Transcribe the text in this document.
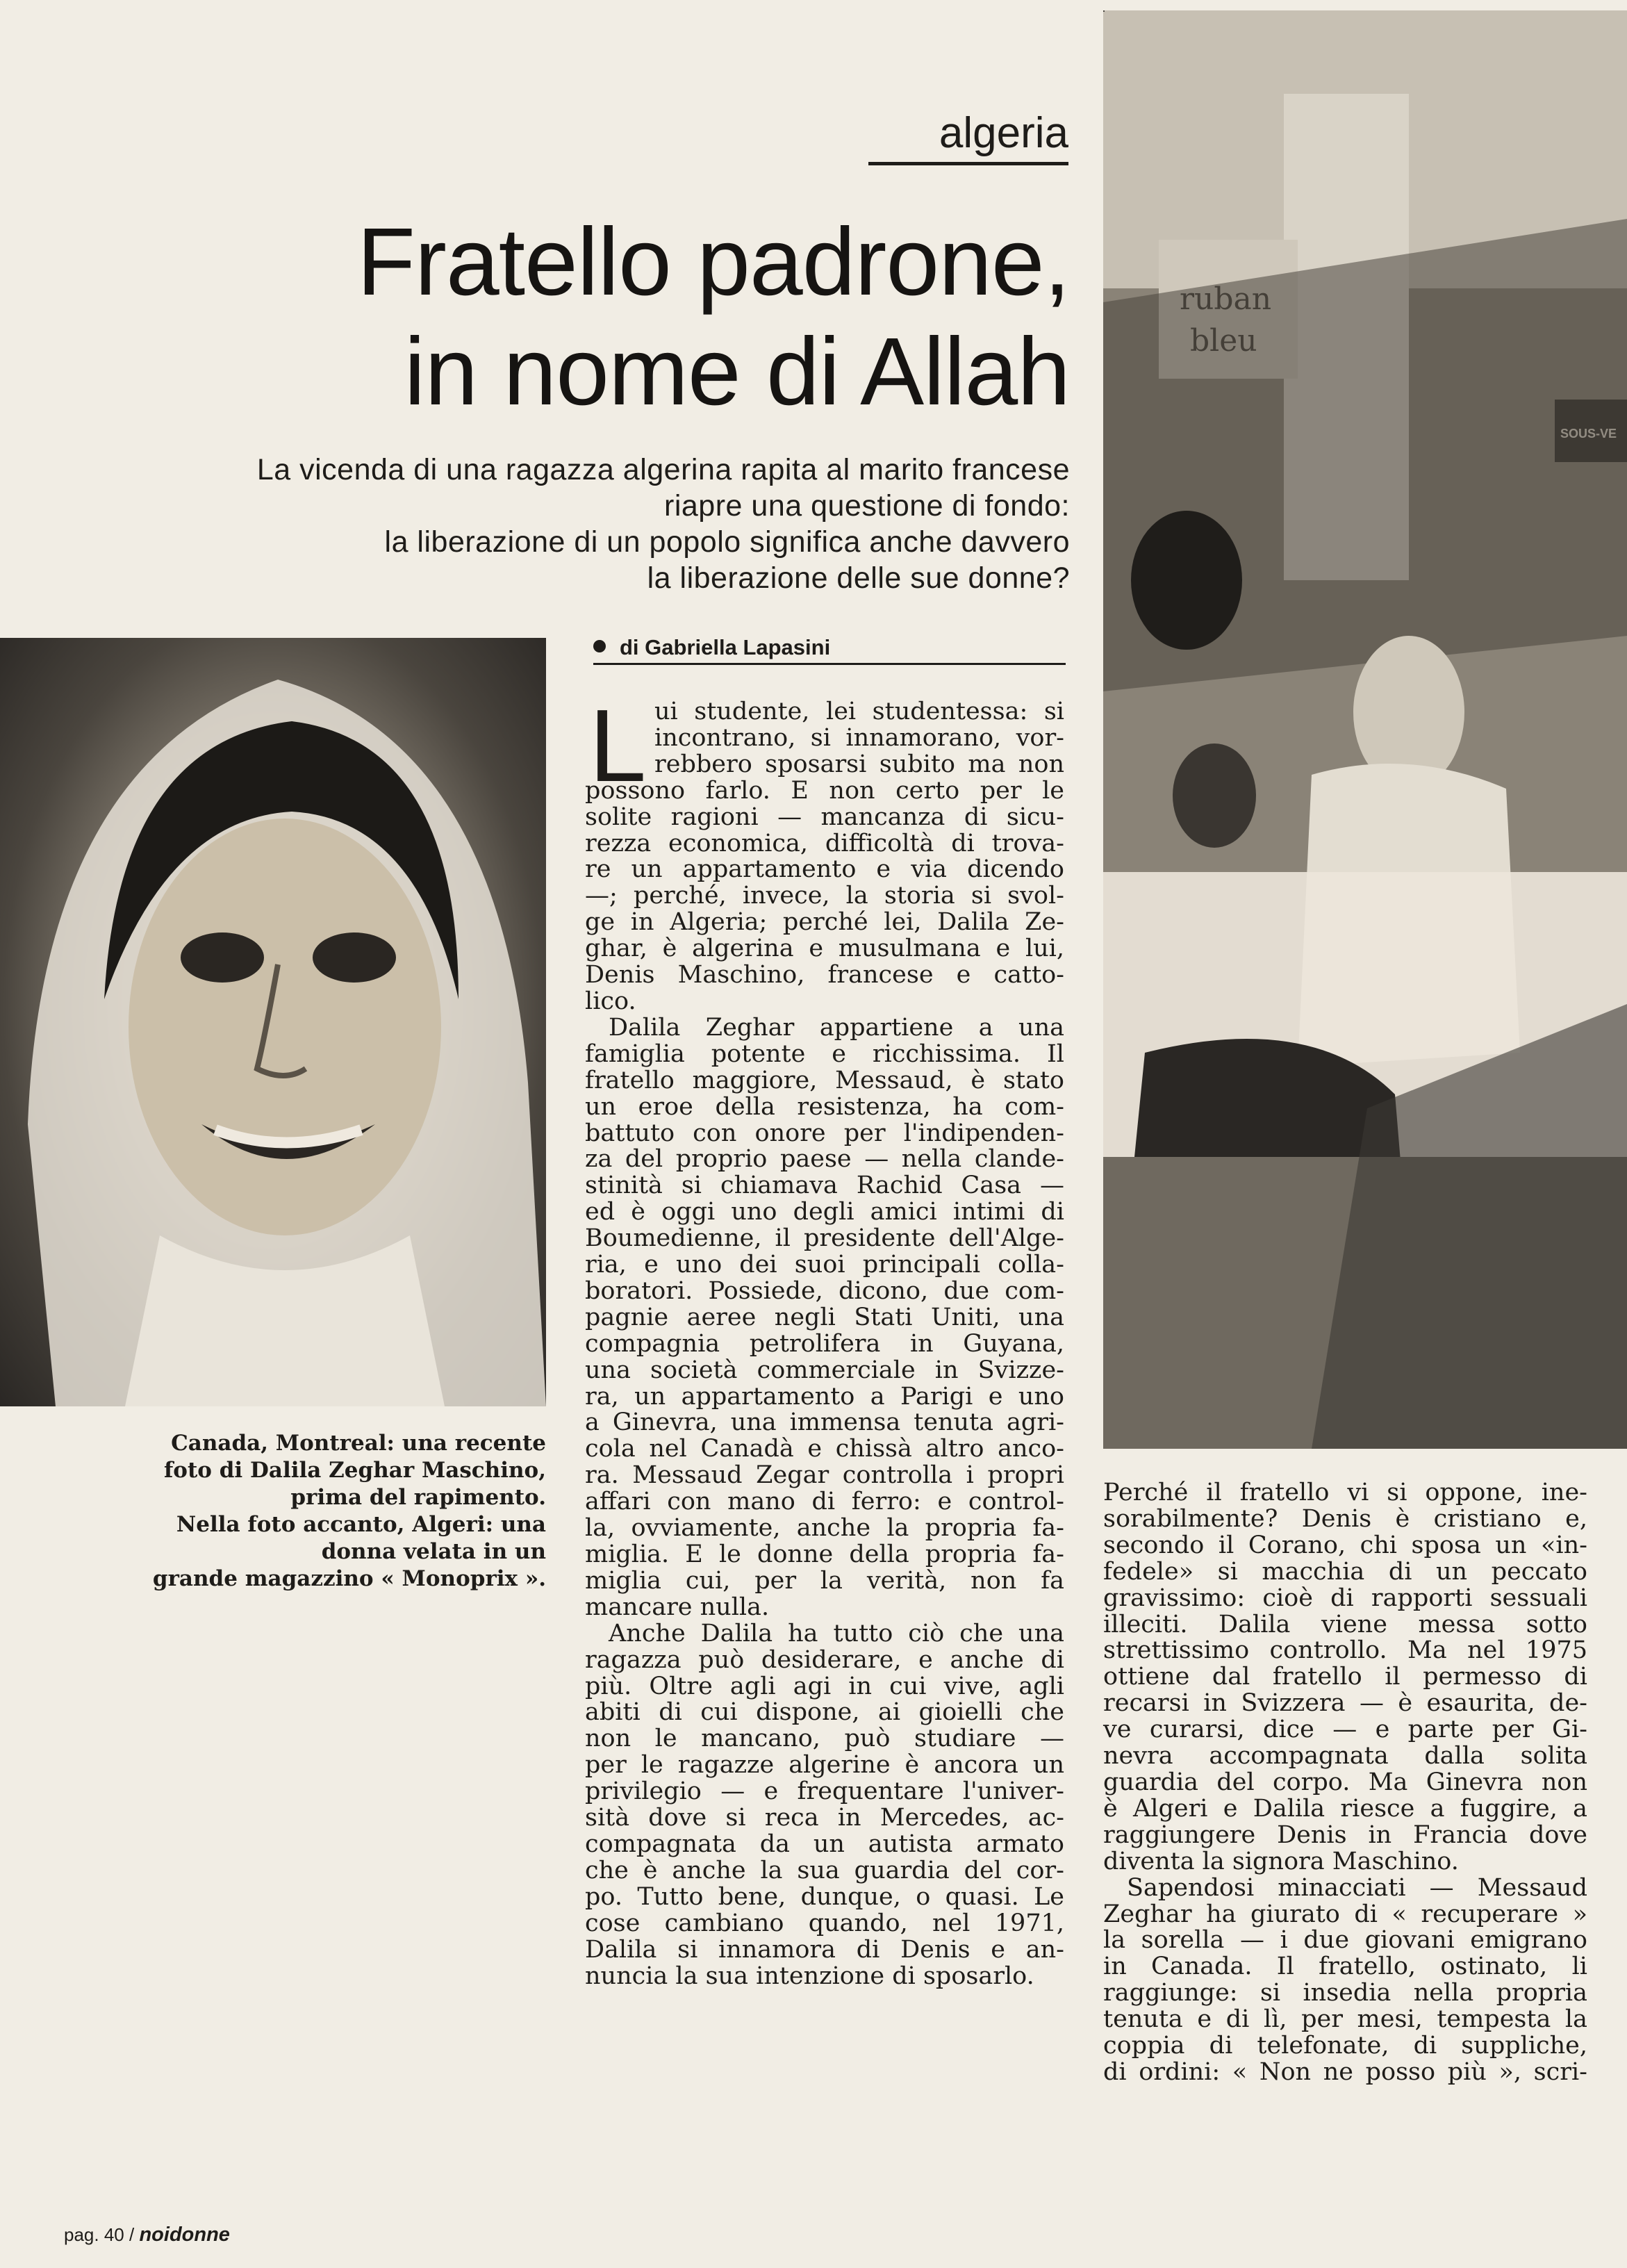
algeria
Fratello padrone,
in nome di Allah
La vicenda di una ragazza algerina rapita al marito francese
riapre una questione di fondo:
la liberazione di un popolo significa anche davvero
la liberazione delle sue donne?
Canada, Montreal: una recente
foto di Dalila Zeghar Maschino,
prima del rapimento.
Nella foto accanto, Algeri: una
donna velata in un
grande magazzino « Monoprix ».
di Gabriella Lapasini
L ui studente, lei studentessa: si
incontrano, si innamorano, vor-
rebbero sposarsi subito ma non
possono farlo. E non certo per le
solite ragioni — mancanza di sicu-
rezza economica, difficoltà di trova-
re un appartamento e via dicendo
—; perché, invece, la storia si svol-
ge in Algeria; perché lei, Dalila Ze-
ghar, è algerina e musulmana e lui,
Denis Maschino, francese e catto-
lico.
Dalila Zeghar appartiene a una
famiglia potente e ricchissima. Il
fratello maggiore, Messaud, è stato
un eroe della resistenza, ha com-
battuto con onore per l'indipenden-
za del proprio paese — nella clande-
stinità si chiamava Rachid Casa —
ed è oggi uno degli amici intimi di
Boumedienne, il presidente dell'Alge-
ria, e uno dei suoi principali colla-
boratori. Possiede, dicono, due com-
pagnie aeree negli Stati Uniti, una
compagnia petrolifera in Guyana,
una società commerciale in Svizze-
ra, un appartamento a Parigi e uno
a Ginevra, una immensa tenuta agri-
cola nel Canadà e chissà altro anco-
ra. Messaud Zegar controlla i propri
affari con mano di ferro: e control-
la, ovviamente, anche la propria fa-
miglia. E le donne della propria fa-
miglia cui, per la verità, non fa
mancare nulla.
Anche Dalila ha tutto ciò che una
ragazza può desiderare, e anche di
più. Oltre agli agi in cui vive, agli
abiti di cui dispone, ai gioielli che
non le mancano, può studiare —
per le ragazze algerine è ancora un
privilegio — e frequentare l'univer-
sità dove si reca in Mercedes, ac-
compagnata da un autista armato
che è anche la sua guardia del cor-
po. Tutto bene, dunque, o quasi. Le
cose cambiano quando, nel 1971,
Dalila si innamora di Denis e an-
nuncia la sua intenzione di sposarlo.
Perché il fratello vi si oppone, ine-
sorabilmente? Denis è cristiano e,
secondo il Corano, chi sposa un «in-
fedele» si macchia di un peccato
gravissimo: cioè di rapporti sessuali
illeciti. Dalila viene messa sotto
strettissimo controllo. Ma nel 1975
ottiene dal fratello il permesso di
recarsi in Svizzera — è esaurita, de-
ve curarsi, dice — e parte per Gi-
nevra accompagnata dalla solita
guardia del corpo. Ma Ginevra non
è Algeri e Dalila riesce a fuggire, a
raggiungere Denis in Francia dove
diventa la signora Maschino.
Sapendosi minacciati — Messaud
Zeghar ha giurato di « recuperare »
la sorella — i due giovani emigrano
in Canada. Il fratello, ostinato, li
raggiunge: si insedia nella propria
tenuta e di lì, per mesi, tempesta la
coppia di telefonate, di suppliche,
di ordini: « Non ne posso più », scri-
pag. 40 / noidonne
